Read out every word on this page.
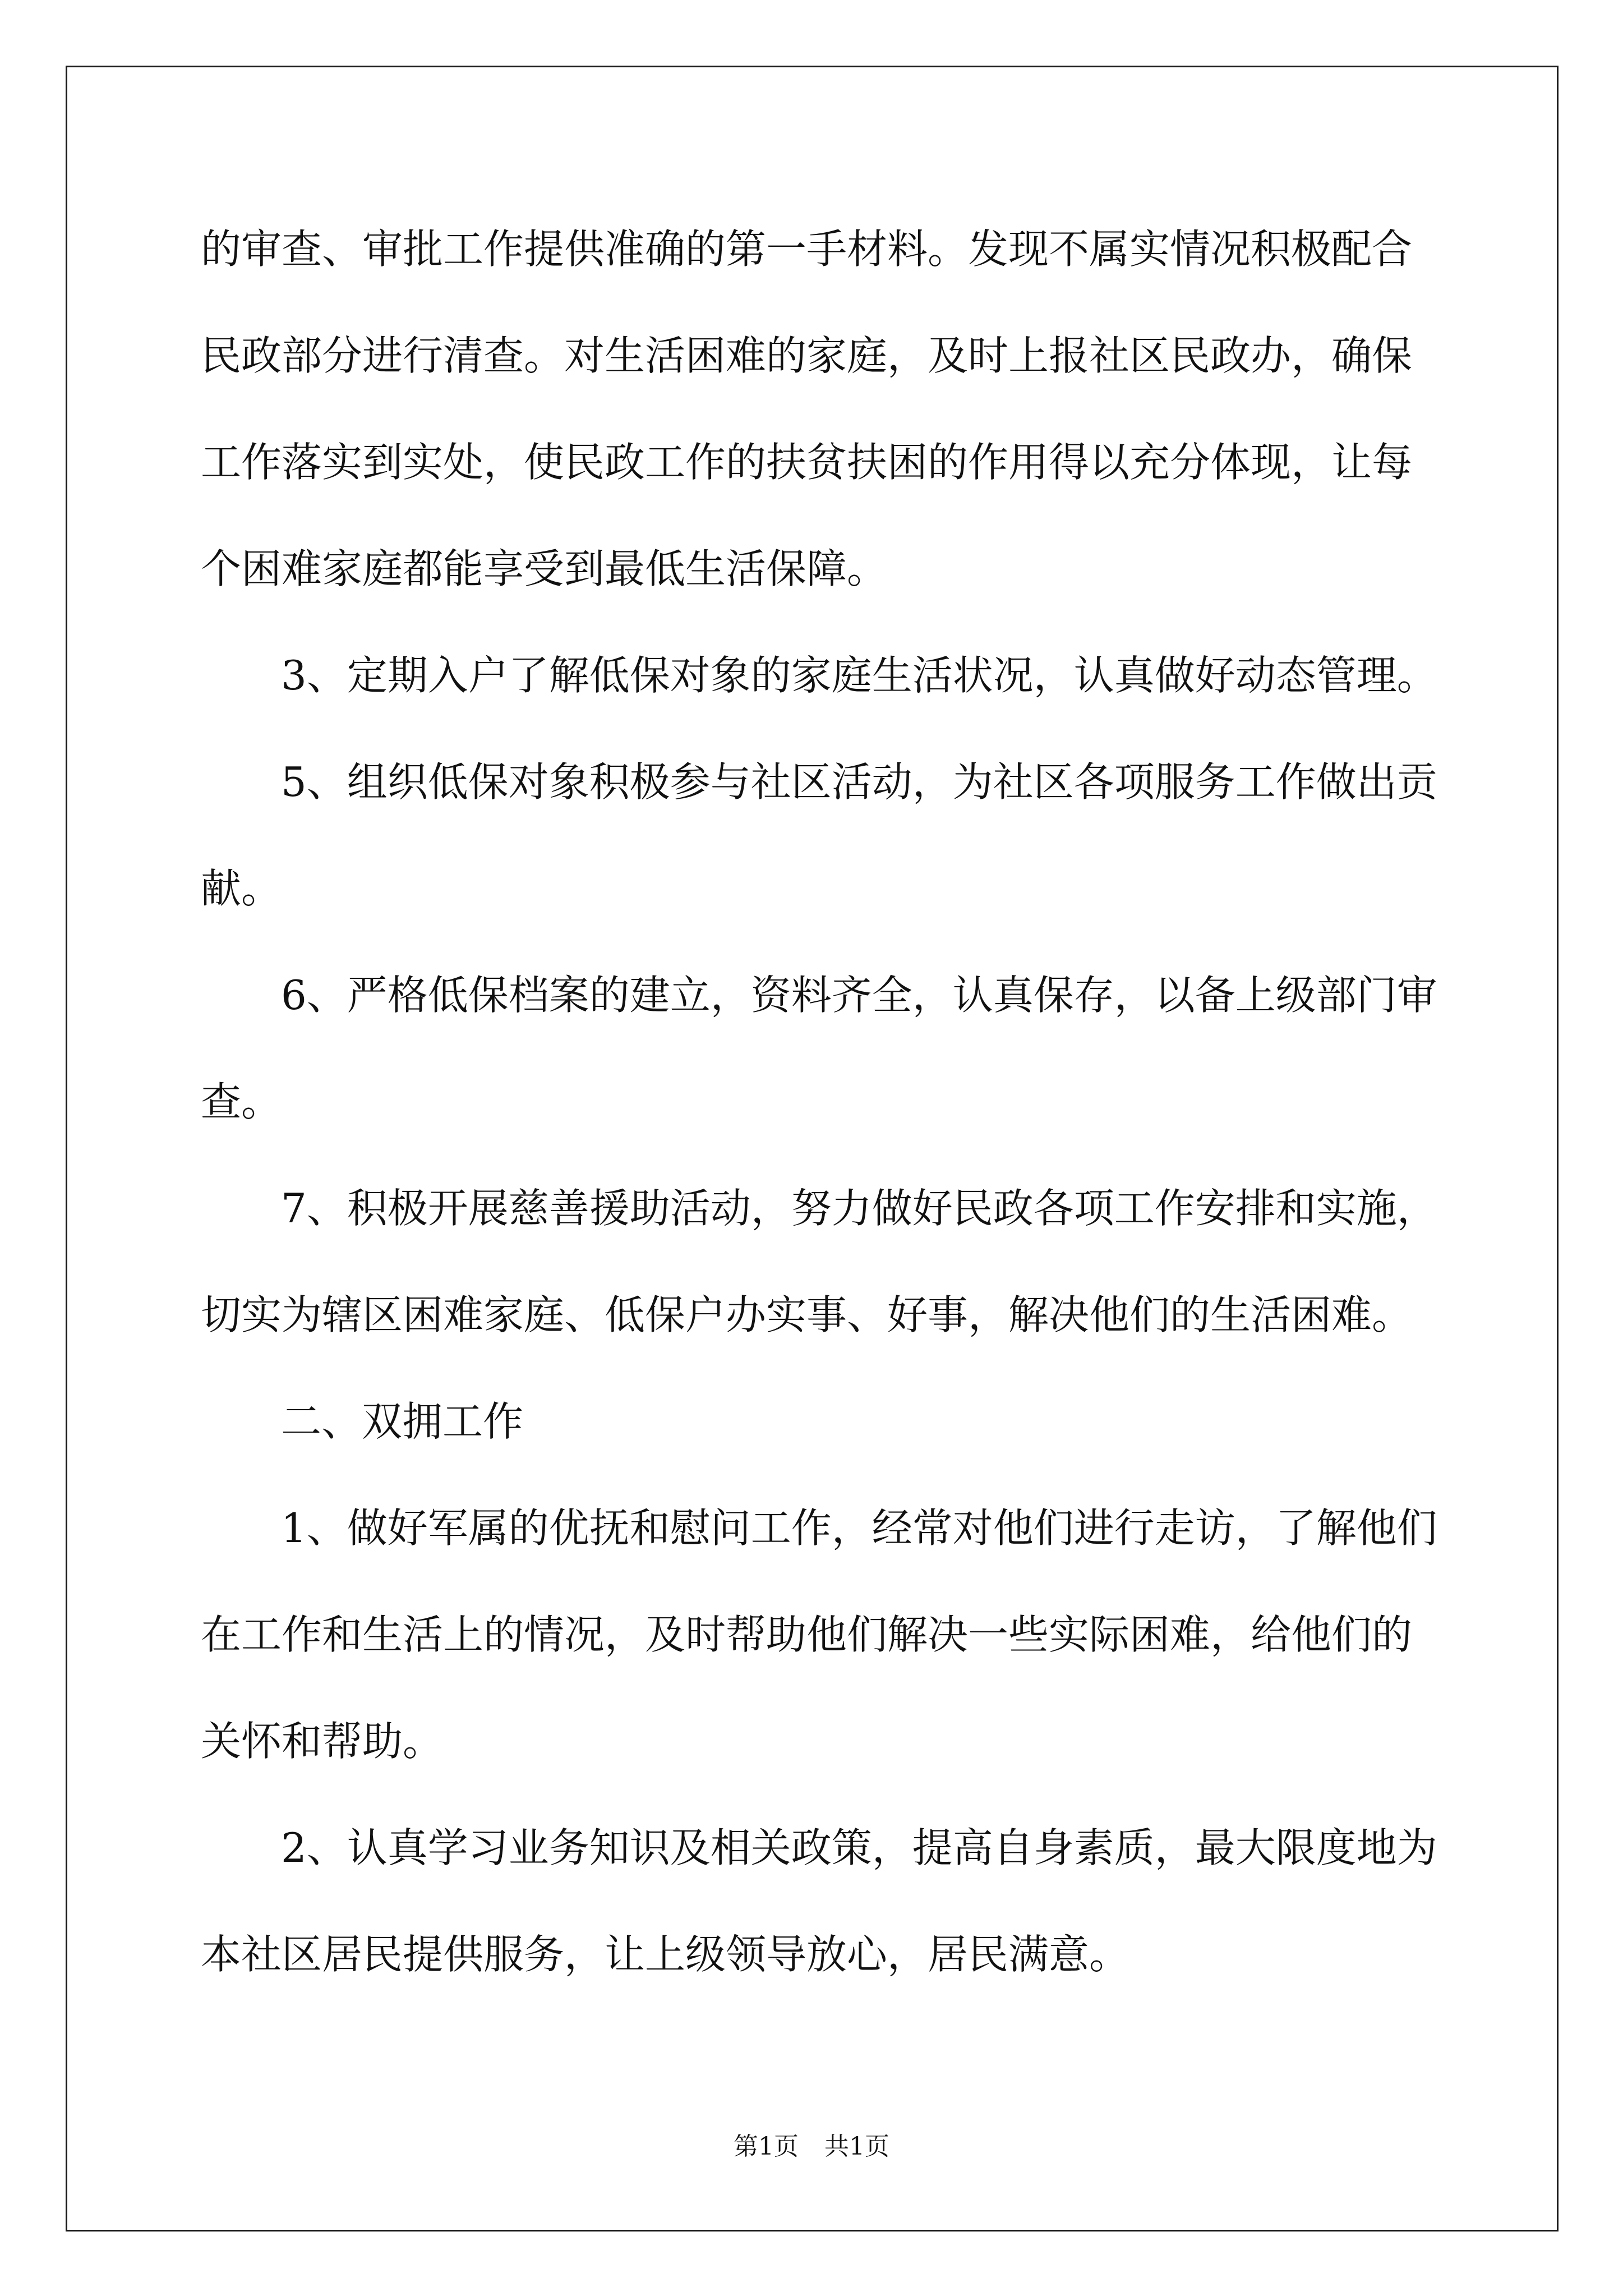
的审查、审批工作提供准确的第一手材料。发现不属实情况积极配合
民政部分进行清查。对生活困难的家庭，及时上报社区民政办，确保
工作落实到实处，使民政工作的扶贫扶困的作用得以充分体现，让每
个困难家庭都能享受到最低生活保障。
3、定期入户了解低保对象的家庭生活状况，认真做好动态管理。
5、组织低保对象积极参与社区活动，为社区各项服务工作做出贡
献。
6、严格低保档案的建立，资料齐全，认真保存，以备上级部门审
查。
7、积极开展慈善援助活动，努力做好民政各项工作安排和实施，
切实为辖区困难家庭、低保户办实事、好事，解决他们的生活困难。
二、双拥工作
1、做好军属的优抚和慰问工作，经常对他们进行走访，了解他们
在工作和生活上的情况，及时帮助他们解决一些实际困难，给他们的
关怀和帮助。
2、认真学习业务知识及相关政策，提高自身素质，最大限度地为
本社区居民提供服务，让上级领导放心，居民满意。
第1页 共1页
